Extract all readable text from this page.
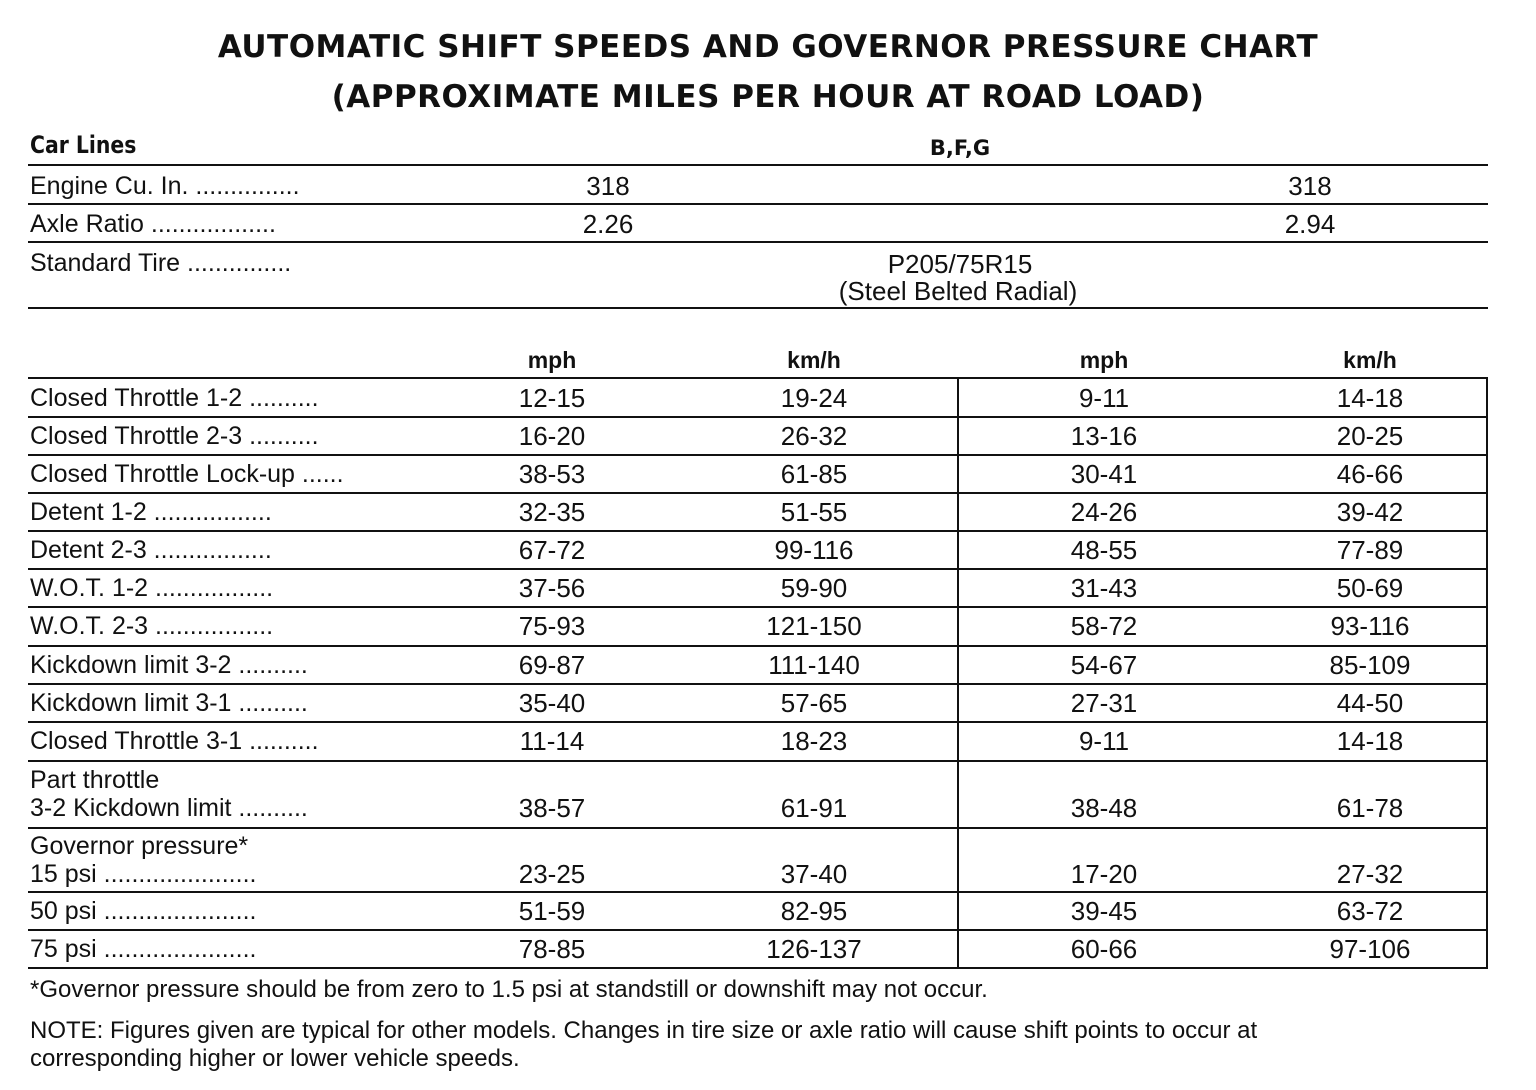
AUTOMATIC SHIFT SPEEDS AND GOVERNOR PRESSURE CHART
(APPROXIMATE MILES PER HOUR AT ROAD LOAD)
Car Lines	B,F,G
Engine Cu. In. ...............	318	318
Axle Ratio ..................	2.26	2.94
Standard Tire ...............	P205/75R15
(Steel Belted Radial)
mph	km/h	mph	km/h
Closed Throttle 1-2 ..........	12-15	19-24	9-11	14-18
Closed Throttle 2-3 ..........	16-20	26-32	13-16	20-25
Closed Throttle Lock-up ......	38-53	61-85	30-41	46-66
Detent 1-2 .................	32-35	51-55	24-26	39-42
Detent 2-3 .................	67-72	99-116	48-55	77-89
W.O.T. 1-2 .................	37-56	59-90	31-43	50-69
W.O.T. 2-3 .................	75-93	121-150	58-72	93-116
Kickdown limit 3-2 ..........	69-87	111-140	54-67	85-109
Kickdown limit 3-1 ..........	35-40	57-65	27-31	44-50
Closed Throttle 3-1 ..........	11-14	18-23	9-11	14-18
Part throttle
3-2 Kickdown limit ..........	38-57	61-91	38-48	61-78
Governor pressure*
15 psi ......................	23-25	37-40	17-20	27-32
50 psi ......................	51-59	82-95	39-45	63-72
75 psi ......................	78-85	126-137	60-66	97-106
*Governor pressure should be from zero to 1.5 psi at standstill or downshift may not occur.
NOTE: Figures given are typical for other models. Changes in tire size or axle ratio will cause shift points to occur at
corresponding higher or lower vehicle speeds.
